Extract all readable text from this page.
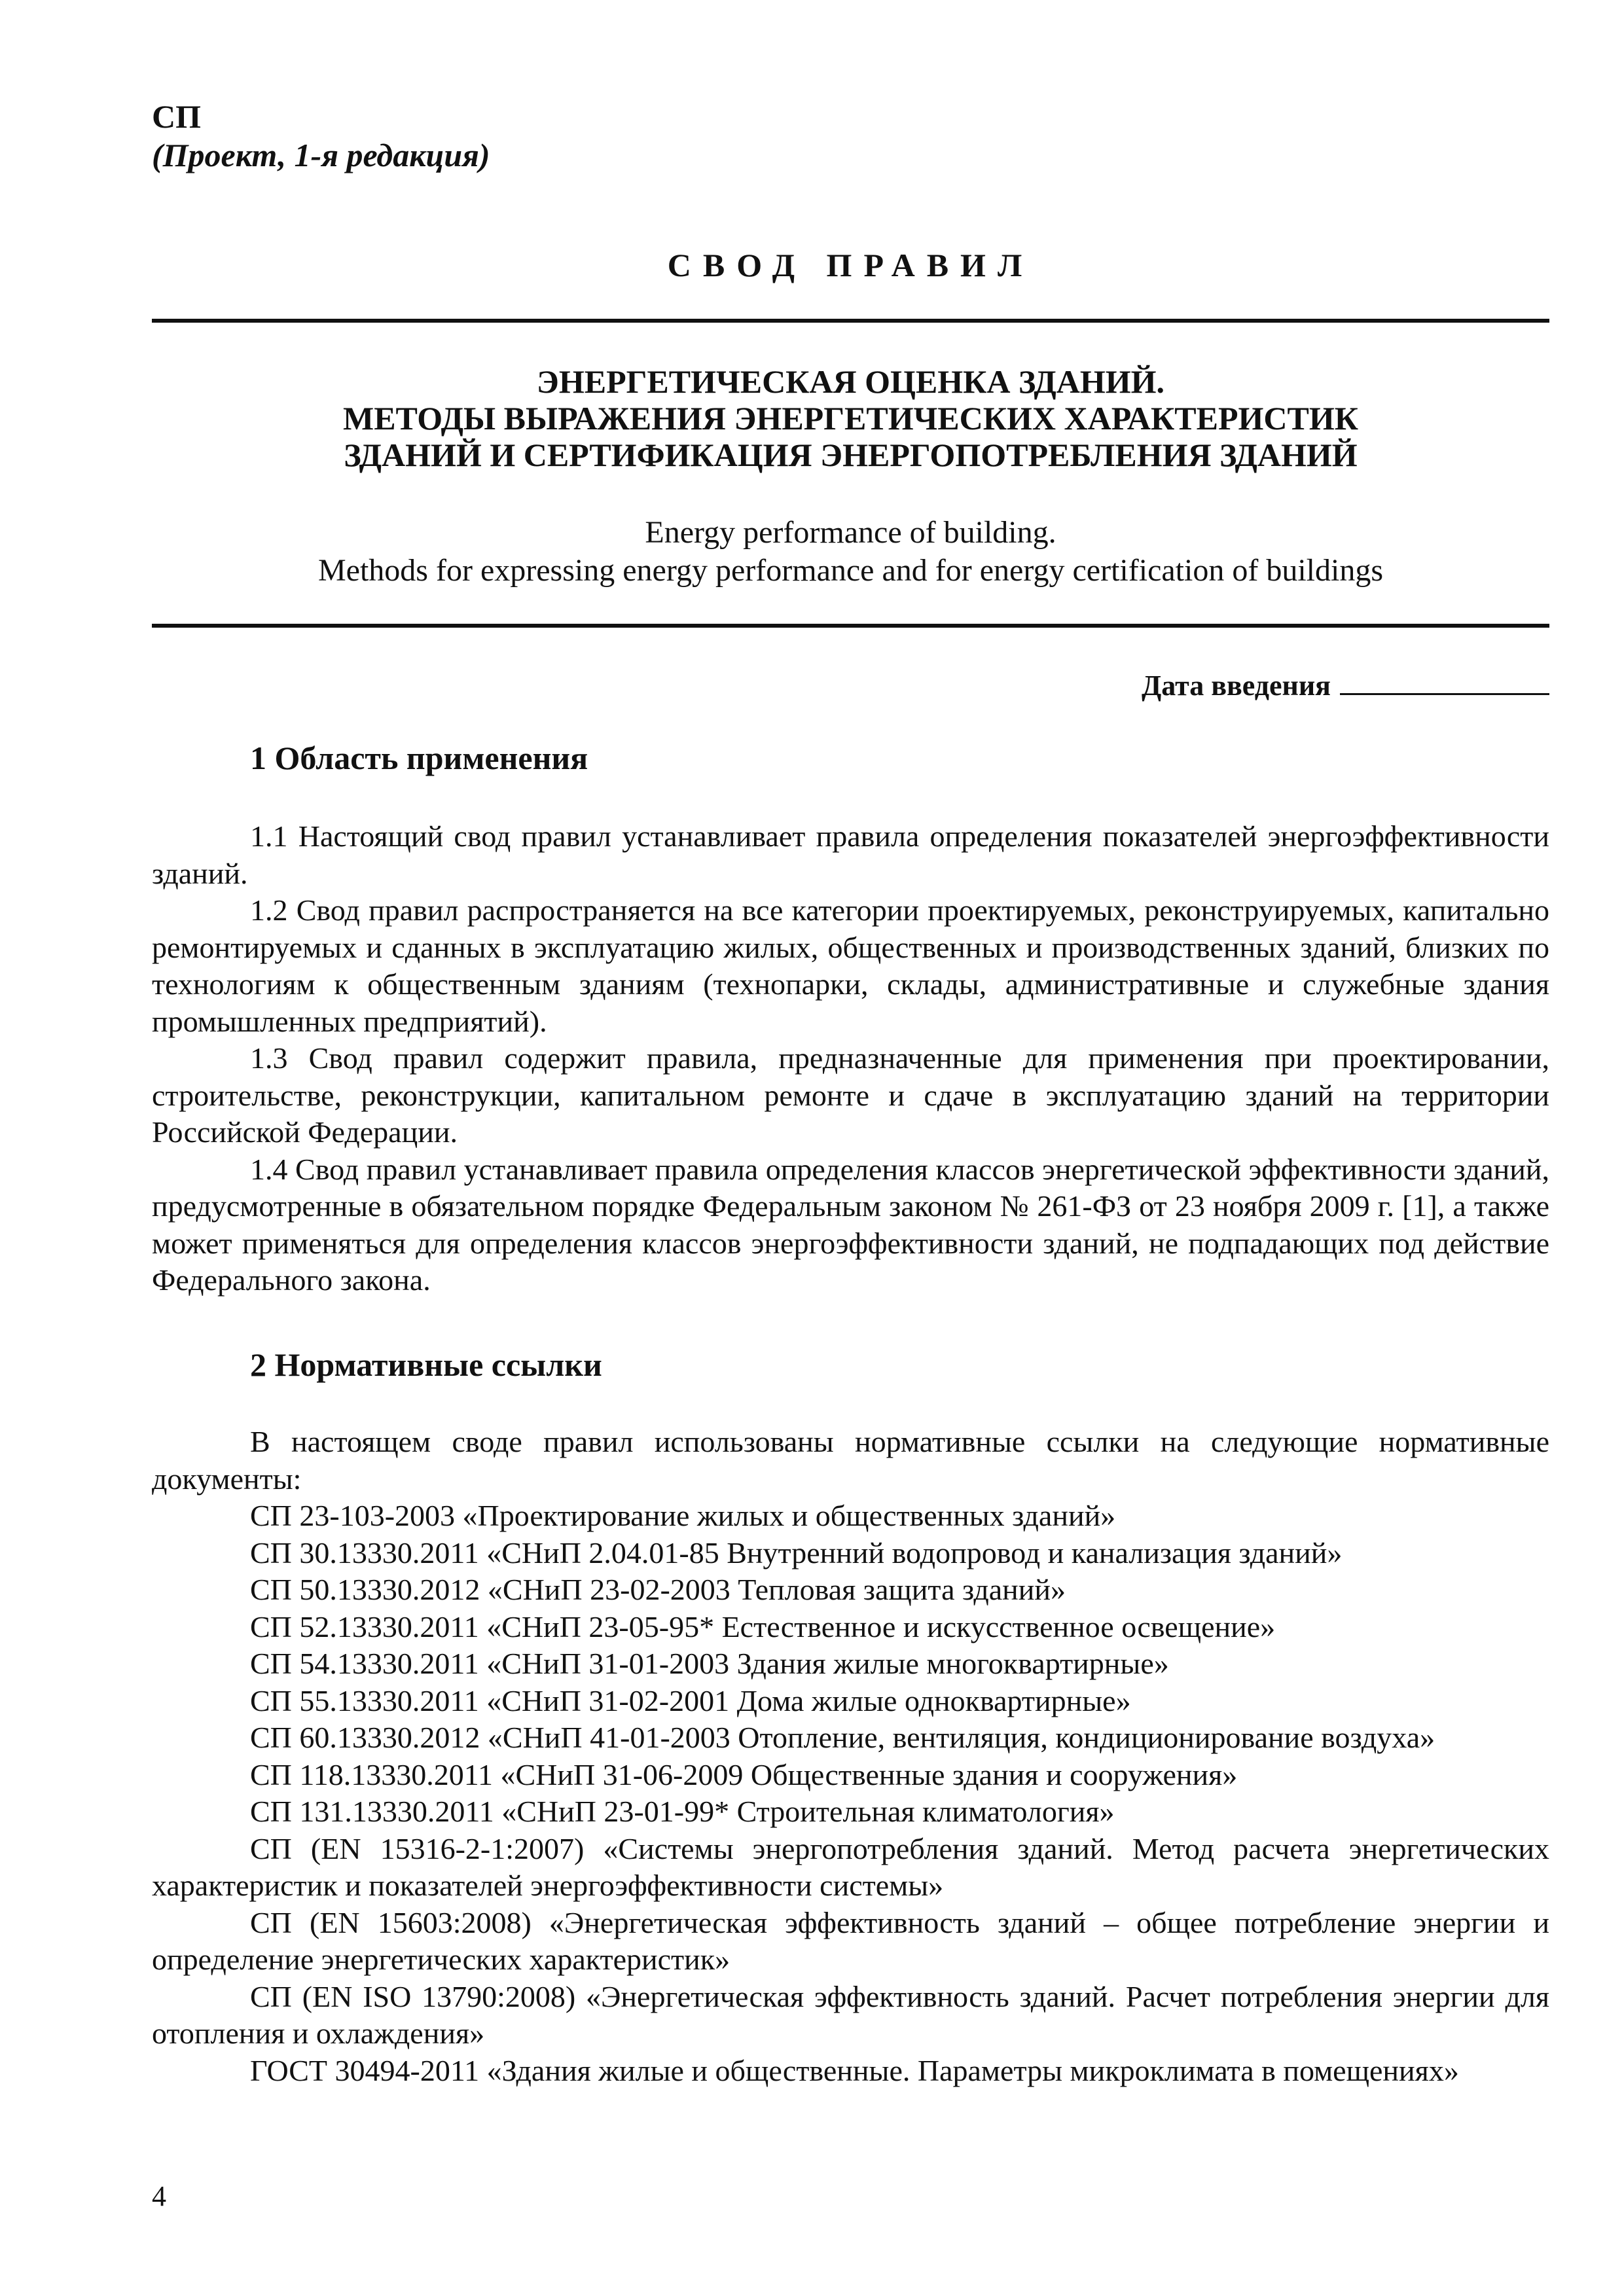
СП
(Проект, 1-я редакция)
СВОД ПРАВИЛ
ЭНЕРГЕТИЧЕСКАЯ ОЦЕНКА ЗДАНИЙ.
МЕТОДЫ ВЫРАЖЕНИЯ ЭНЕРГЕТИЧЕСКИХ ХАРАКТЕРИСТИК
ЗДАНИЙ И СЕРТИФИКАЦИЯ ЭНЕРГОПОТРЕБЛЕНИЯ ЗДАНИЙ
Energy performance of building.
Methods for expressing energy performance and for energy certification of buildings
Дата введения
1 Область применения

1.1 Настоящий свод правил устанавливает правила определения показателей энергоэффективности зданий.

1.2 Свод правил распространяется на все категории проектируемых, реконструируемых, капитально ремонтируемых и сданных в эксплуатацию жилых, общественных и производственных зданий, близких по технологиям к общественным зданиям (технопарки, склады, административные и служебные здания промышленных предприятий).

1.3 Свод правил содержит правила, предназначенные для применения при проектировании, строительстве, реконструкции, капитальном ремонте и сдаче в эксплуатацию зданий на территории Российской Федерации.

1.4 Свод правил устанавливает правила определения классов энергетической эффективности зданий, предусмотренные в обязательном порядке Федеральным законом № 261-ФЗ от 23 ноября 2009 г. [1], а также может применяться для определения классов энергоэффективности зданий, не подпадающих под действие Федерального закона.

2 Нормативные ссылки

В настоящем своде правил использованы нормативные ссылки на следующие нормативные документы:

СП 23-103-2003 «Проектирование жилых и общественных зданий»

СП 30.13330.2011 «СНиП 2.04.01-85 Внутренний водопровод и канализация зданий»

СП 50.13330.2012 «СНиП 23-02-2003 Тепловая защита зданий»

СП 52.13330.2011 «СНиП 23-05-95* Естественное и искусственное освещение»

СП 54.13330.2011 «СНиП 31-01-2003 Здания жилые многоквартирные»

СП 55.13330.2011 «СНиП 31-02-2001 Дома жилые одноквартирные»

СП 60.13330.2012 «СНиП 41-01-2003 Отопление, вентиляция, кондиционирование воздуха»

СП 118.13330.2011 «СНиП 31-06-2009 Общественные здания и сооружения»

СП 131.13330.2011 «СНиП 23-01-99* Строительная климатология»

СП (EN 15316-2-1:2007) «Системы энергопотребления зданий. Метод расчета энергетических характеристик и показателей энергоэффективности системы»

СП (EN 15603:2008) «Энергетическая эффективность зданий – общее потребление энергии и определение энергетических характеристик»

СП (EN ISO 13790:2008) «Энергетическая эффективность зданий. Расчет потребления энергии для отопления и охлаждения»

ГОСТ 30494-2011 «Здания жилые и общественные. Параметры микроклимата в помещениях»

4
